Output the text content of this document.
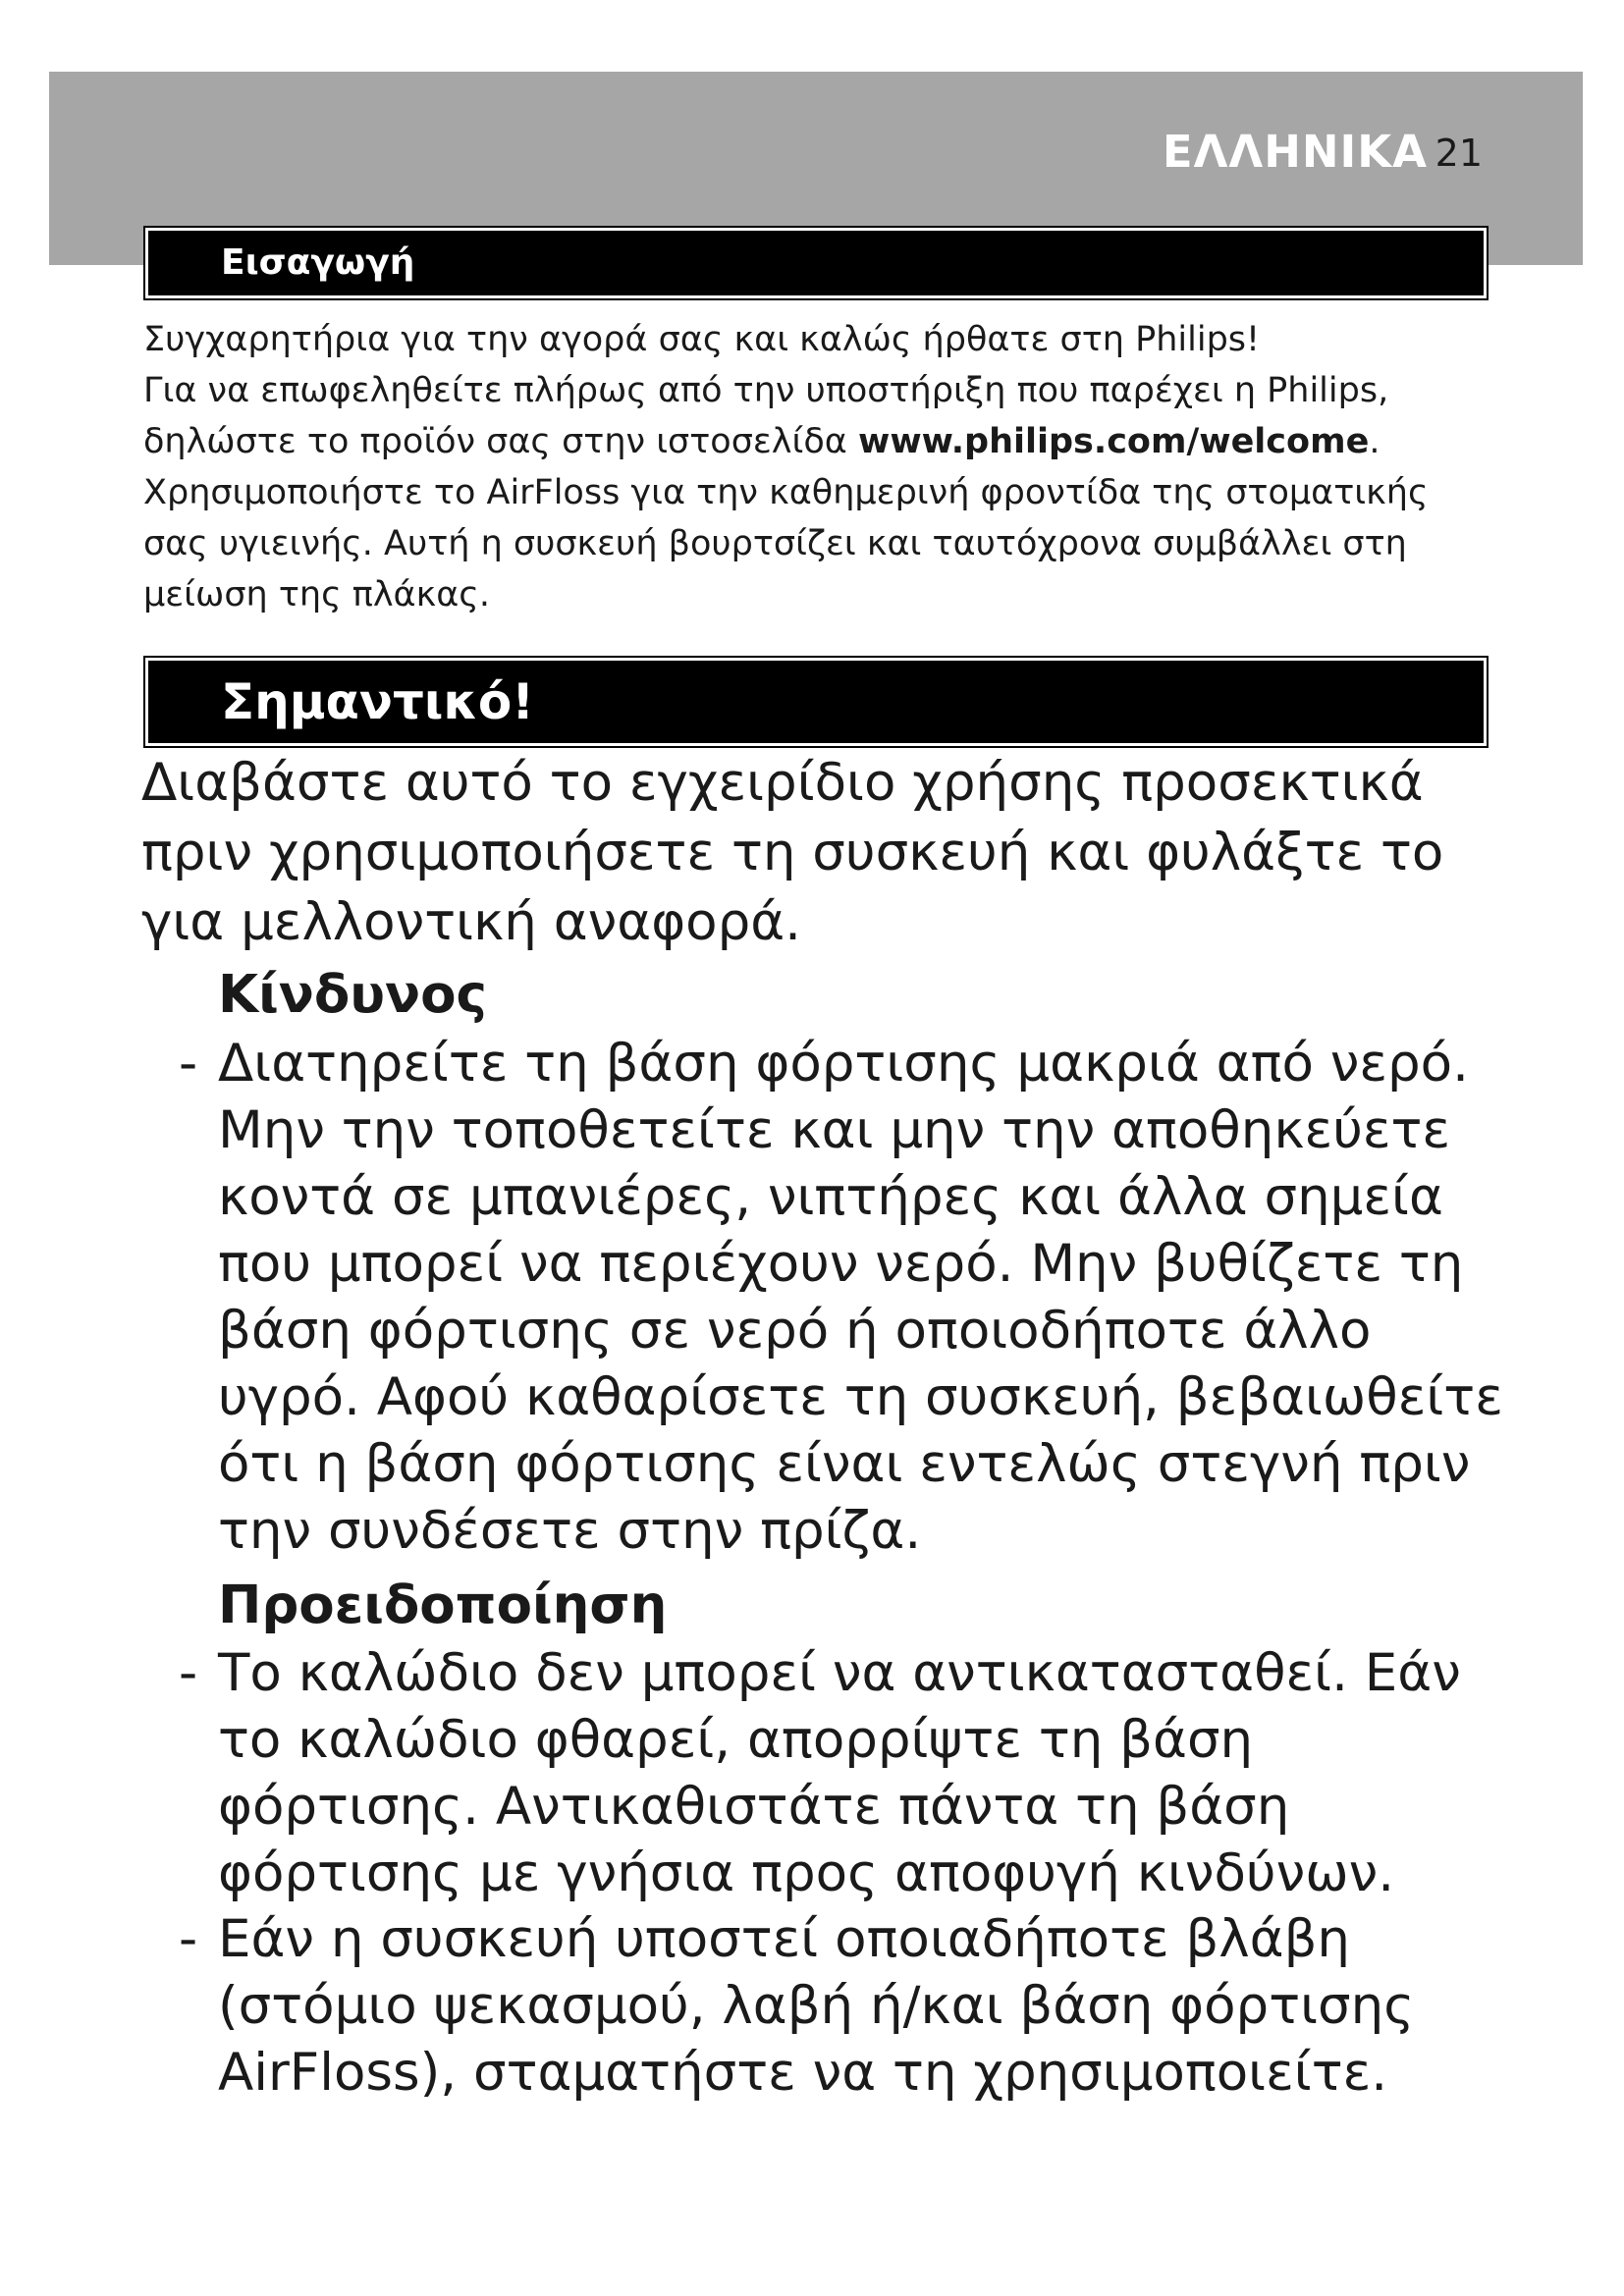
ΕΛΛΗΝΙΚΑ 21
Εισαγωγή

Συγχαρητήρια για την αγορά σας και καλώς ήρθατε στη Philips!

Για να επωφεληθείτε πλήρως από την υποστήριξη που παρέχει η Philips, δηλώστε το προϊόν σας στην ιστοσελίδα www.philips.com/welcome.

Χρησιμοποιήστε το AirFloss για την καθημερινή φροντίδα της στοματικής σας υγιεινής. Αυτή η συσκευή βουρτσίζει και ταυτόχρονα συμβάλλει στη μείωση της πλάκας.

Σημαντικό!
Διαβάστε αυτό το εγχειρίδιο χρήσης προσεκτικά πριν χρησιμοποιήσετε τη συσκευή και φυλάξτε το για μελλοντική αναφορά.
Κίνδυνος
- Διατηρείτε τη βάση φόρτισης μακριά από νερό. Μην την τοποθετείτε και μην την αποθηκεύετε κοντά σε μπανιέρες, νιπτήρες και άλλα σημεία που μπορεί να περιέχουν νερό. Μην βυθίζετε τη βάση φόρτισης σε νερό ή οποιοδήποτε άλλο υγρό. Αφού καθαρίσετε τη συσκευή, βεβαιωθείτε ότι η βάση φόρτισης είναι εντελώς στεγνή πριν την συνδέσετε στην πρίζα.
Προειδοποίηση
- Το καλώδιο δεν μπορεί να αντικατασταθεί. Εάν το καλώδιο φθαρεί, απορρίψτε τη βάση φόρτισης. Αντικαθιστάτε πάντα τη βάση φόρτισης με γνήσια προς αποφυγή κινδύνων.
- Εάν η συσκευή υποστεί οποιαδήποτε βλάβη (στόμιο ψεκασμού, λαβή ή/και βάση φόρτισης AirFloss), σταματήστε να τη χρησιμοποιείτε.
